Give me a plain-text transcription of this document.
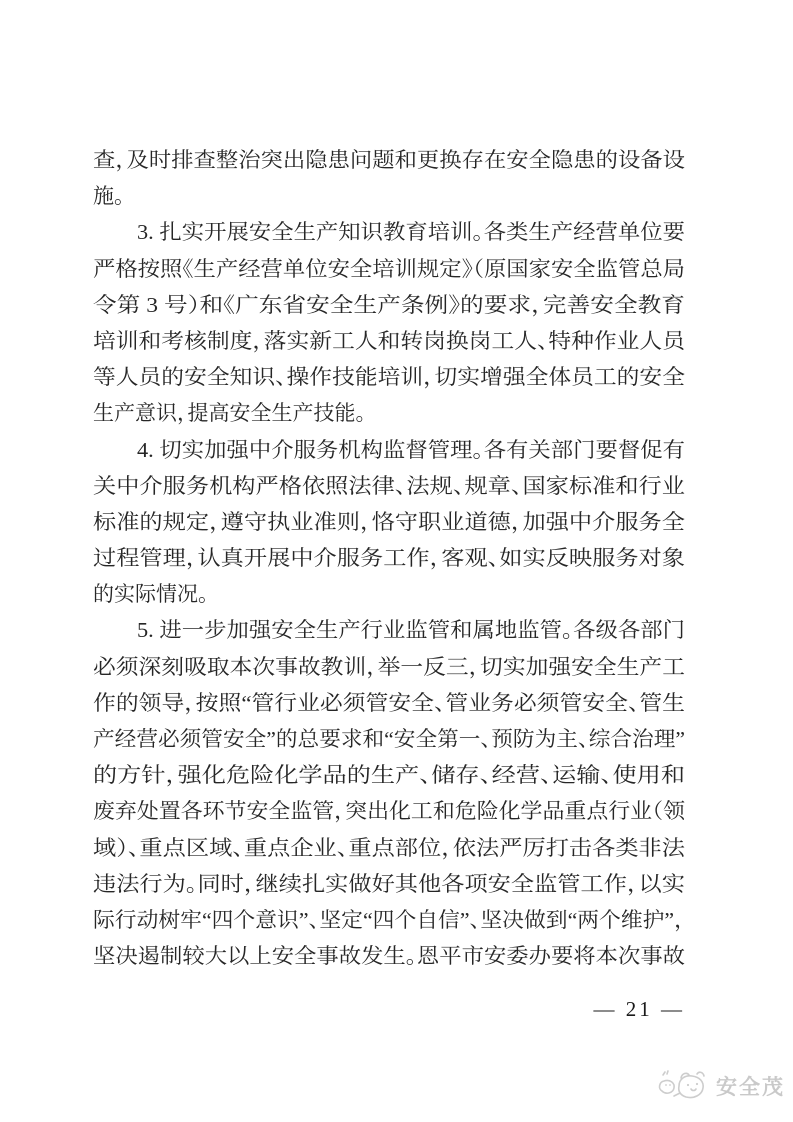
查，及时排查整治突出隐患问题和更换存在安全隐患的设备设
施。
3. 扎实开展安全生产知识教育培训。各类生产经营单位要
严格按照《生产经营单位安全培训规定》（原国家安全监管总局
令第 3 号）和《广东省安全生产条例》的要求，完善安全教育
培训和考核制度，落实新工人和转岗换岗工人、特种作业人员
等人员的安全知识、操作技能培训，切实增强全体员工的安全
生产意识，提高安全生产技能。
4. 切实加强中介服务机构监督管理。各有关部门要督促有
关中介服务机构严格依照法律、法规、规章、国家标准和行业
标准的规定，遵守执业准则，恪守职业道德，加强中介服务全
过程管理，认真开展中介服务工作，客观、如实反映服务对象
的实际情况。
5. 进一步加强安全生产行业监管和属地监管。各级各部门
必须深刻吸取本次事故教训，举一反三，切实加强安全生产工
作的领导，按照“管行业必须管安全、管业务必须管安全、管生
产经营必须管安全”的总要求和“安全第一、预防为主、综合治理”
的方针，强化危险化学品的生产、储存、经营、运输、使用和
废弃处置各环节安全监管，突出化工和危险化学品重点行业（领
域）、重点区域、重点企业、重点部位，依法严厉打击各类非法
违法行为。同时，继续扎实做好其他各项安全监管工作，以实
际行动树牢“四个意识”、坚定“四个自信”、坚决做到“两个维护”，
坚决遏制较大以上安全事故发生。恩平市安委办要将本次事故
— 21 —
安全茂
